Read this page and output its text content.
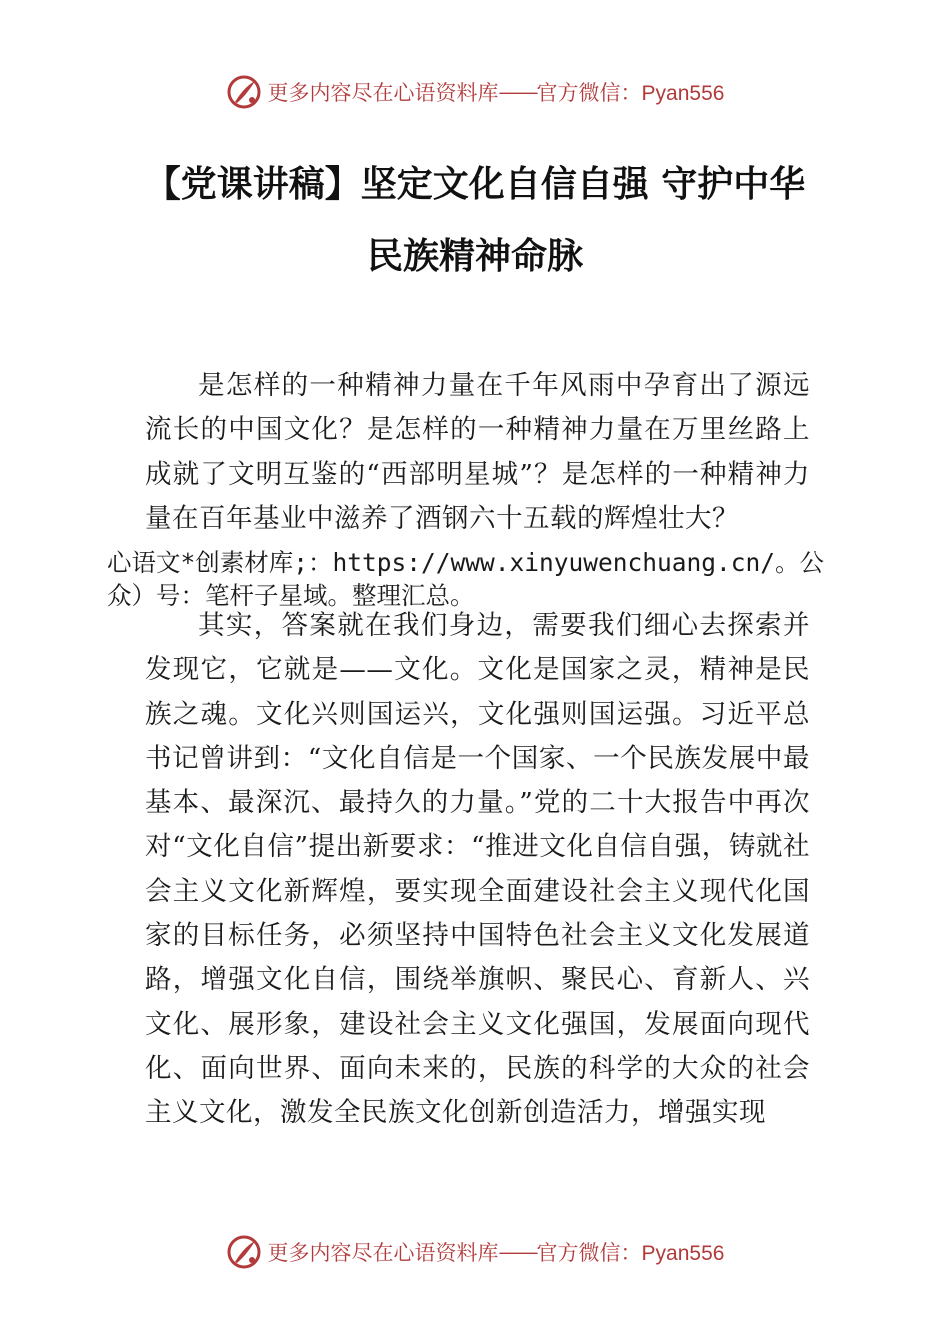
更多内容尽在心语资料库 — — 官方微信：Pyan556
【党课讲稿】坚定文化自信自强 守护中华
民族精神命脉

是怎样的一种精神力量在千年风雨中孕育出了源远流长的中国文化？是怎样的一种精神力量在万里丝路上成就了文明互鉴的“西部明星城”？是怎样的一种精神力量在百年基业中滋养了酒钢六十五载的辉煌壮大？

心语文*创素材库;：https://www.xinyuwenchuang.cn/。公众）号：笔杆子星域。整理汇总。

其实，答案就在我们身边，需要我们细心去探索并发现它，它就是——文化。文化是国家之灵，精神是民族之魂。文化兴则国运兴，文化强则国运强。习近平总书记曾讲到：“文化自信是一个国家、一个民族发展中最基本、最深沉、最持久的力量。”党的二十大报告中再次对“文化自信”提出新要求：“推进文化自信自强，铸就社会主义文化新辉煌，要实现全面建设社会主义现代化国家的目标任务，必须坚持中国特色社会主义文化发展道路，增强文化自信，围绕举旗帜、聚民心、育新人、兴文化、展形象，建设社会主义文化强国，发展面向现代化、面向世界、面向未来的，民族的科学的大众的社会主义文化，激发全民族文化创新创造活力，增强实现

更多内容尽在心语资料库 — — 官方微信：Pyan556
